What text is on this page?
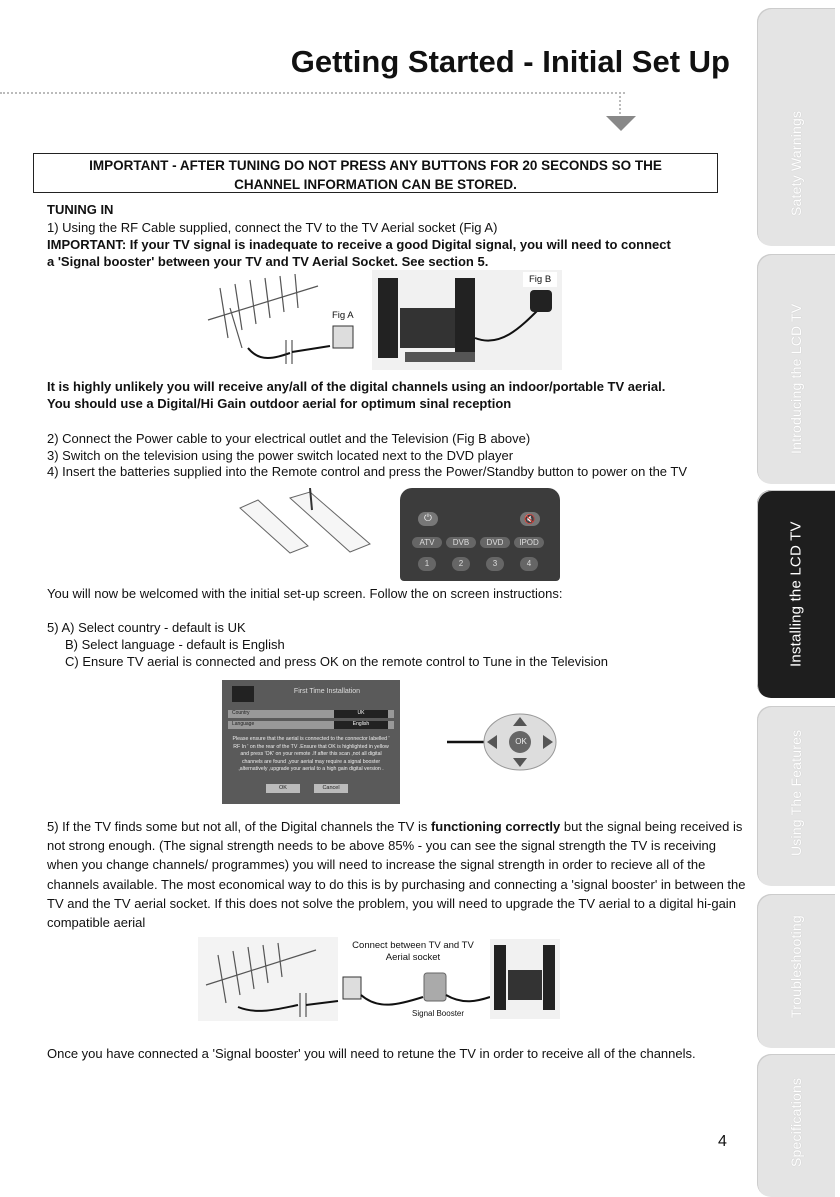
Getting Started - Initial Set Up
IMPORTANT - AFTER TUNING DO NOT PRESS ANY BUTTONS FOR 20 SECONDS SO THE
CHANNEL INFORMATION CAN BE STORED.
TUNING IN
1) Using the RF Cable supplied, connect the TV to the TV Aerial socket (Fig A)
IMPORTANT: If your TV signal is inadequate to receive a good Digital signal, you will need to connect
a 'Signal booster' between your TV and TV Aerial Socket. See section 5.
Fig A
Fig B
It is highly unlikely you will receive any/all of the digital channels using an indoor/portable TV aerial.
You should use a Digital/Hi Gain outdoor aerial for optimum sinal reception
2) Connect the Power cable to your electrical outlet and the Television (Fig B above)
3) Switch on the television using the power switch located next to the DVD player
4) Insert the batteries supplied into the Remote control and press the Power/Standby button to power on the TV
⏻	🔇
ATV	DVB	DVD	IPOD
1	2	3	4
You will now be welcomed with the initial set-up screen. Follow the on screen instructions:
5) A) Select country - default is UK
B) Select language - default is English
C) Ensure TV aerial is connected and press OK on the remote control to Tune in the Television
First Time Installation
Country	UK
Language	English
Please ensure that the aerial is connected to the connector labelled ' RF In ' on the rear of the TV .Ensure that OK is highlighted in yellow and press 'OK' on your remote .If after this scan ,not all digital channels are found ,your aerial may require a signal booster ,alternatively ,upgrade your aerial to a high gain digital version .
OK	Cancel
OK
5) If the TV finds some but not all, of the Digital channels the TV is functioning correctly but the signal being received is not strong enough. (The signal strength needs to be above 85% - you can see the signal strength the TV is receiving when you change channels/ programmes) you will need to increase the signal strength in order to recieve all of the channels available. The most economical way to do this is by purchasing and connecting a 'signal booster' in between the TV and the TV aerial socket. If this does not solve the problem, you will need to upgrade the TV aerial to a digital hi-gain compatible aerial
Connect between TV and TV
Aerial socket
Signal Booster
Once you have connected a 'Signal booster' you will need to retune the TV in order to receive all of the channels.
4
Satety Warnings
Introducing the LCD TV
Installing the LCD TV
Using The Features
Troubleshooting
Specifications
